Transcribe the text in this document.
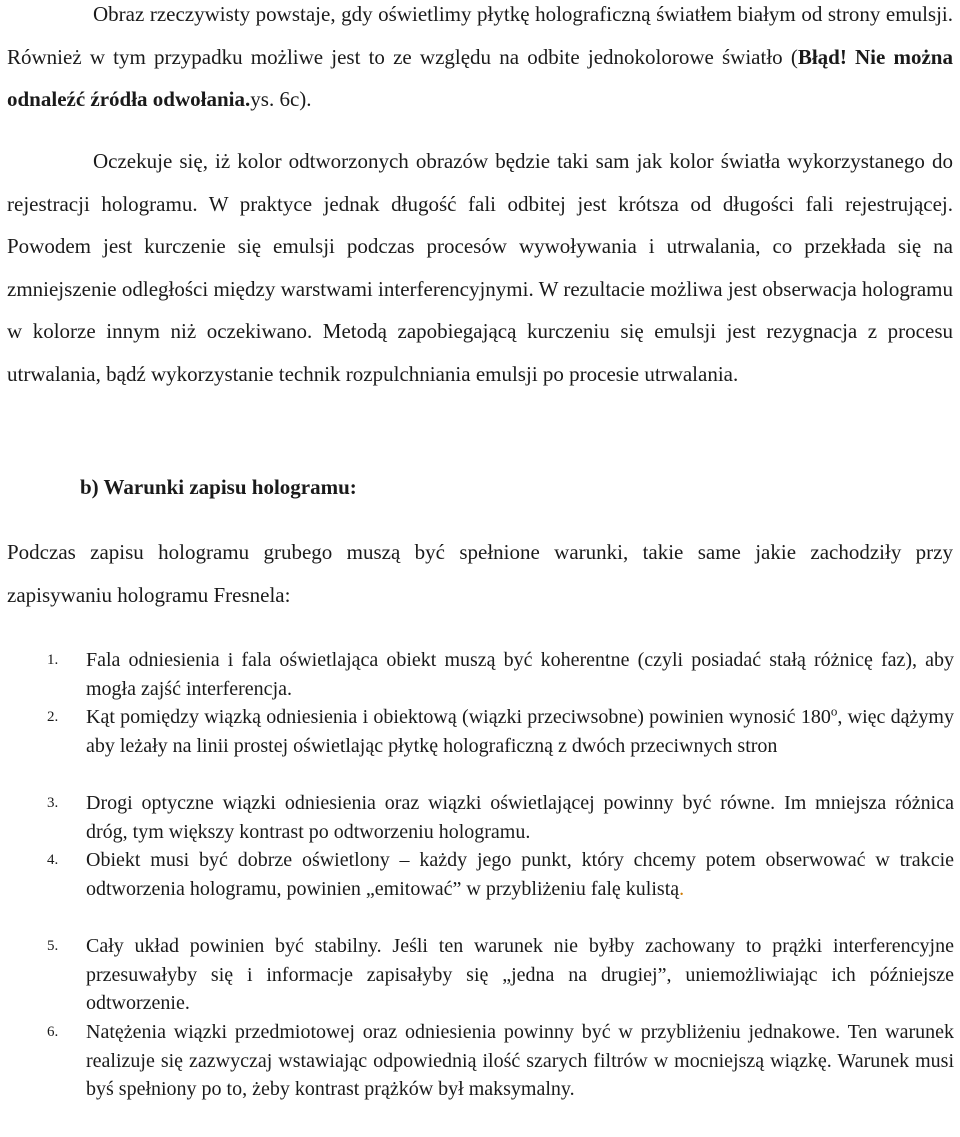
Obraz rzeczywisty powstaje, gdy oświetlimy płytkę holograficzną światłem białym od strony emulsji. Również w tym przypadku możliwe jest to ze względu na odbite jednokolorowe światło (Błąd! Nie można odnaleźć źródła odwołania.ys. 6c).

Oczekuje się, iż kolor odtworzonych obrazów będzie taki sam jak kolor światła wykorzystanego do rejestracji hologramu. W praktyce jednak długość fali odbitej jest krótsza od długości fali rejestrującej. Powodem jest kurczenie się emulsji podczas procesów wywoływania i utrwalania, co przekłada się na zmniejszenie odległości między warstwami interferencyjnymi. W rezultacie możliwa jest obserwacja hologramu w kolorze innym niż oczekiwano. Metodą zapobiegającą kurczeniu się emulsji jest rezygnacja z procesu utrwalania, bądź wykorzystanie technik rozpulchniania emulsji po procesie utrwalania.

b) Warunki zapisu hologramu:

Podczas zapisu hologramu grubego muszą być spełnione warunki, takie same jakie zachodziły przy zapisywaniu hologramu Fresnela:

1. Fala odniesienia i fala oświetlająca obiekt muszą być koherentne (czyli posiadać stałą różnicę faz), aby mogła zajść interferencja.

2. Kąt pomiędzy wiązką odniesienia i obiektową (wiązki przeciwsobne) powinien wynosić 180$^o$, więc dążymy aby leżały na linii prostej oświetlając płytkę holograficzną z dwóch przeciwnych stron

3. Drogi optyczne wiązki odniesienia oraz wiązki oświetlającej powinny być równe. Im mniejsza różnica dróg, tym większy kontrast po odtworzeniu hologramu.

4. Obiekt musi być dobrze oświetlony – każdy jego punkt, który chcemy potem obserwować w trakcie odtworzenia hologramu, powinien „emitować” w przybliżeniu falę kulistą.

5. Cały układ powinien być stabilny. Jeśli ten warunek nie byłby zachowany to prążki interferencyjne przesuwałyby się i informacje zapisałyby się „jedna na drugiej”, uniemożliwiając ich późniejsze odtworzenie.

6. Natężenia wiązki przedmiotowej oraz odniesienia powinny być w przybliżeniu jednakowe. Ten warunek realizuje się zazwyczaj wstawiając odpowiednią ilość szarych filtrów w mocniejszą wiązkę. Warunek musi byś spełniony po to, żeby kontrast prążków był maksymalny.
